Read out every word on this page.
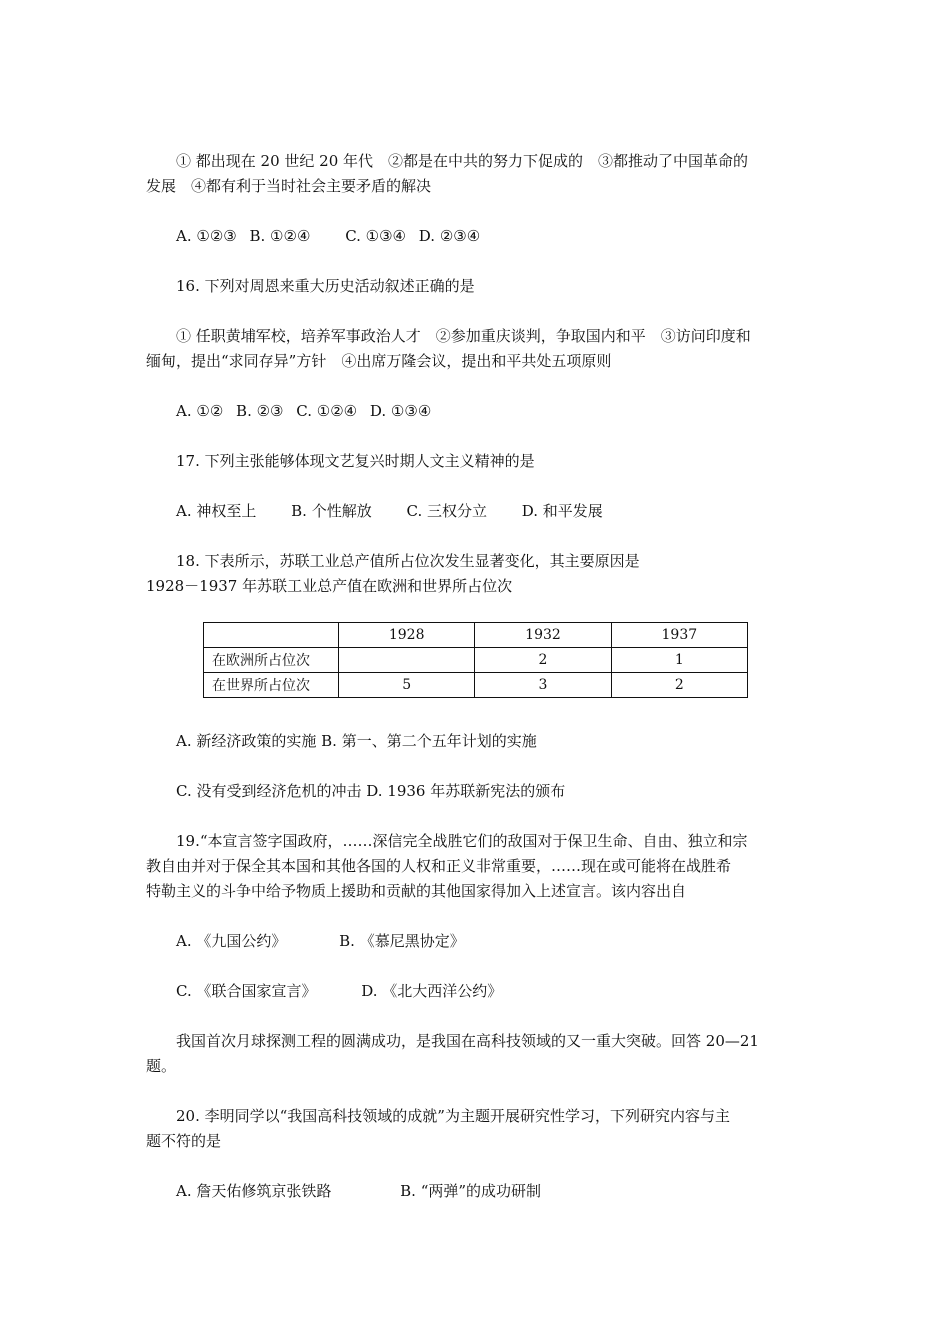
① 都出现在 20 世纪 20 年代　②都是在中共的努力下促成的　③都推动了中国革命的
发展　④都有利于当时社会主要矛盾的解决
A. ①②③ B. ①②④ C. ①③④ D. ②③④
16. 下列对周恩来重大历史活动叙述正确的是
① 任职黄埔军校，培养军事政治人才　②参加重庆谈判，争取国内和平　③访问印度和
缅甸，提出“求同存异”方针　④出席万隆会议，提出和平共处五项原则
A. ①② B. ②③ C. ①②④ D. ①③④
17. 下列主张能够体现文艺复兴时期人文主义精神的是
A. 神权至上 B. 个性解放 C. 三权分立 D. 和平发展
18. 下表所示，苏联工业总产值所占位次发生显著变化，其主要原因是
1928－1937 年苏联工业总产值在欧洲和世界所占位次
	1928	1932	1937
在欧洲所占位次		2	1
在世界所占位次	5	3	2
A. 新经济政策的实施 B. 第一、第二个五年计划的实施
C. 没有受到经济危机的冲击 D. 1936 年苏联新宪法的颁布
19.“本宣言签字国政府，……深信完全战胜它们的敌国对于保卫生命、自由、独立和宗
教自由并对于保全其本国和其他各国的人权和正义非常重要，……现在或可能将在战胜希
特勒主义的斗争中给予物质上援助和贡献的其他国家得加入上述宣言。该内容出自
A. 《九国公约》	B. 《慕尼黑协定》
C. 《联合国家宣言》	D. 《北大西洋公约》
我国首次月球探测工程的圆满成功，是我国在高科技领域的又一重大突破。回答 20—21
题。
20. 李明同学以“我国高科技领域的成就”为主题开展研究性学习，下列研究内容与主
题不符的是
A. 詹天佑修筑京张铁路	B. “两弹”的成功研制
